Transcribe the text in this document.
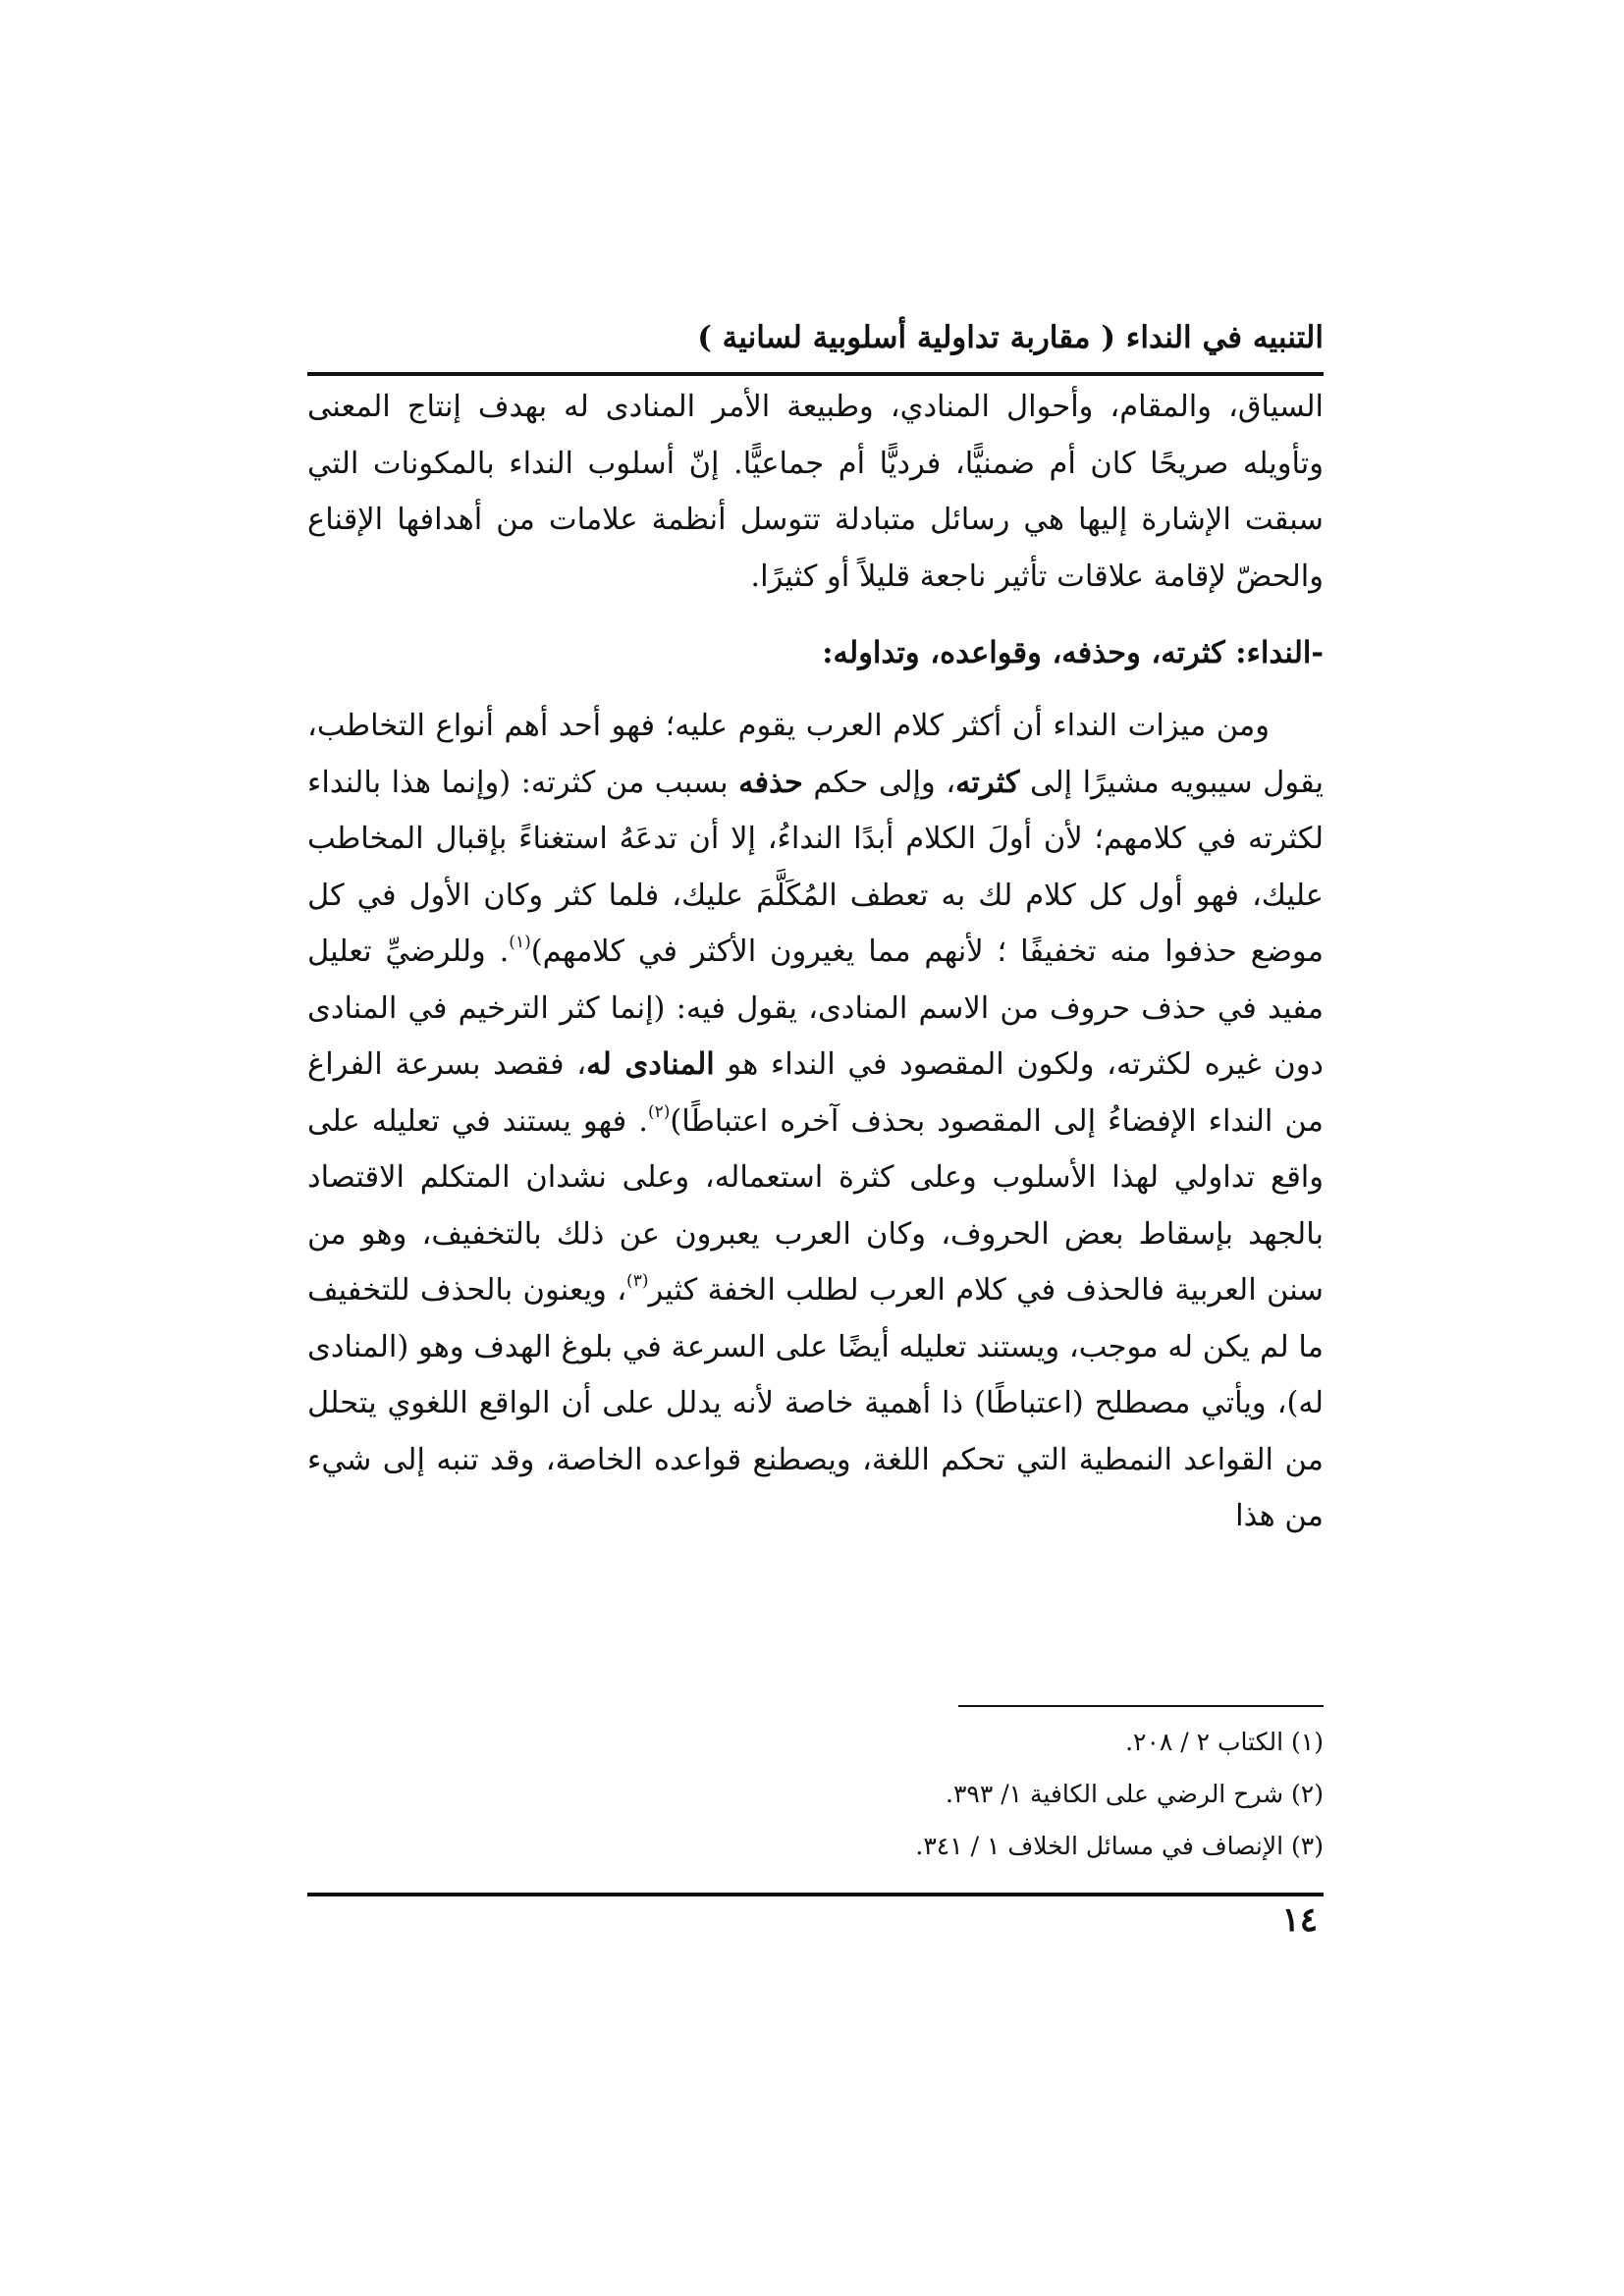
التنبيه في النداء ( مقاربة تداولية أسلوبية لسانية )

السياق، والمقام، وأحوال المنادي، وطبيعة الأمر المنادى له بهدف إنتاج المعنى وتأويله صريحًا كان أم ضمنيًّا، فرديًّا أم جماعيًّا. إنّ أسلوب النداء بالمكونات التي سبقت الإشارة إليها هي رسائل متبادلة تتوسل أنظمة علامات من أهدافها الإقناع والحضّ لإقامة علاقات تأثير ناجعة قليلاً أو كثيرًا.

-النداء: كثرته، وحذفه، وقواعده، وتداوله:

ومن ميزات النداء أن أكثر كلام العرب يقوم عليه؛ فهو أحد أهم أنواع التخاطب، يقول سيبويه مشيرًا إلى كثرته، وإلى حكم حذفه بسبب من كثرته: (وإنما هذا بالنداء لكثرته في كلامهم؛ لأن أولَ الكلام أبدًا النداءُ، إلا أن تدعَهُ استغناءً بإقبال المخاطب عليك، فهو أول كل كلام لك به تعطف المُكَلَّمَ عليك، فلما كثر وكان الأول في كل موضع حذفوا منه تخفيفًا ؛ لأنهم مما يغيرون الأكثر في كلامهم)$^{(١)}$. وللرضيِّ تعليل مفيد في حذف حروف من الاسم المنادى، يقول فيه: (إنما كثر الترخيم في المنادى دون غيره لكثرته، ولكون المقصود في النداء هو المنادى له، فقصد بسرعة الفراغ من النداء الإفضاءُ إلى المقصود بحذف آخره اعتباطًا)$^{(٢)}$. فهو يستند في تعليله على واقع تداولي لهذا الأسلوب وعلى كثرة استعماله، وعلى نشدان المتكلم الاقتصاد بالجهد بإسقاط بعض الحروف، وكان العرب يعبرون عن ذلك بالتخفيف، وهو من سنن العربية فالحذف في كلام العرب لطلب الخفة كثير$^{(٣)}$، ويعنون بالحذف للتخفيف ما لم يكن له موجب، ويستند تعليله أيضًا على السرعة في بلوغ الهدف وهو (المنادى له)، ويأتي مصطلح (اعتباطًا) ذا أهمية خاصة لأنه يدلل على أن الواقع اللغوي يتحلل من القواعد النمطية التي تحكم اللغة، ويصطنع قواعده الخاصة، وقد تنبه إلى شيء من هذا

(١) الكتاب ٢ / ٢٠٨.
(٢) شرح الرضي على الكافية ١/ ٣٩٣.
(٣) الإنصاف في مسائل الخلاف ١ / ٣٤١.
١٤
